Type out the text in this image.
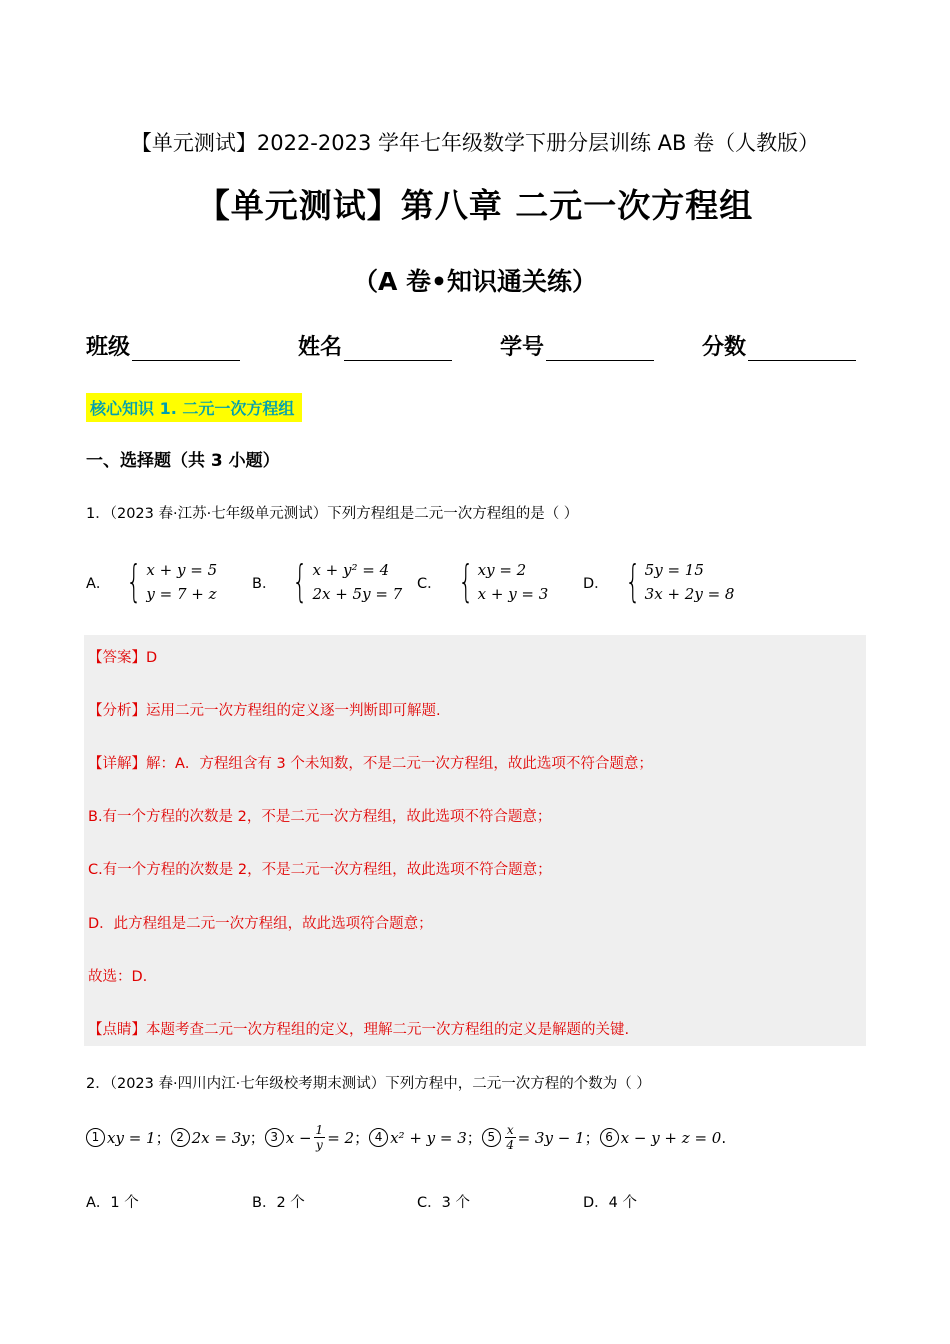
【单元测试】2022-2023 学年七年级数学下册分层训练 AB 卷（人教版）
【单元测试】第八章 二元一次方程组
（A 卷•知识通关练）
班级	姓名	学号	分数
核心知识 1. 二元一次方程组
一、选择题（共 3 小题）
1．（2023 春·江苏·七年级单元测试）下列方程组是二元一次方程组的是（ ）
A． { x + y = 5
y = 7 + z
B． { x + y² = 4
2x + 5y = 7
C． { xy = 2
x + y = 3
D． { 5y = 15
3x + 2y = 8
【答案】D
【分析】运用二元一次方程组的定义逐一判断即可解题.
【详解】解：A．方程组含有 3 个未知数，不是二元一次方程组，故此选项不符合题意；
B.有一个方程的次数是 2，不是二元一次方程组，故此选项不符合题意；
C.有一个方程的次数是 2，不是二元一次方程组，故此选项不符合题意；
D．此方程组是二元一次方程组，故此选项符合题意；
故选：D.
【点睛】本题考查二元一次方程组的定义，理解二元一次方程组的定义是解题的关键.
2．（2023 春·四川内江·七年级校考期末测试）下列方程中，二元一次方程的个数为（ ）
1 xy = 1 ； 2 2x = 3y ； 3 $x - \frac{1}{y} = 2$ ； 4 x² + y = 3 ； $5 \frac{x}{4} = 3y - 1$ ； 6 x − y + z = 0 .
A．1 个	B．2 个	C．3 个	D．4 个
